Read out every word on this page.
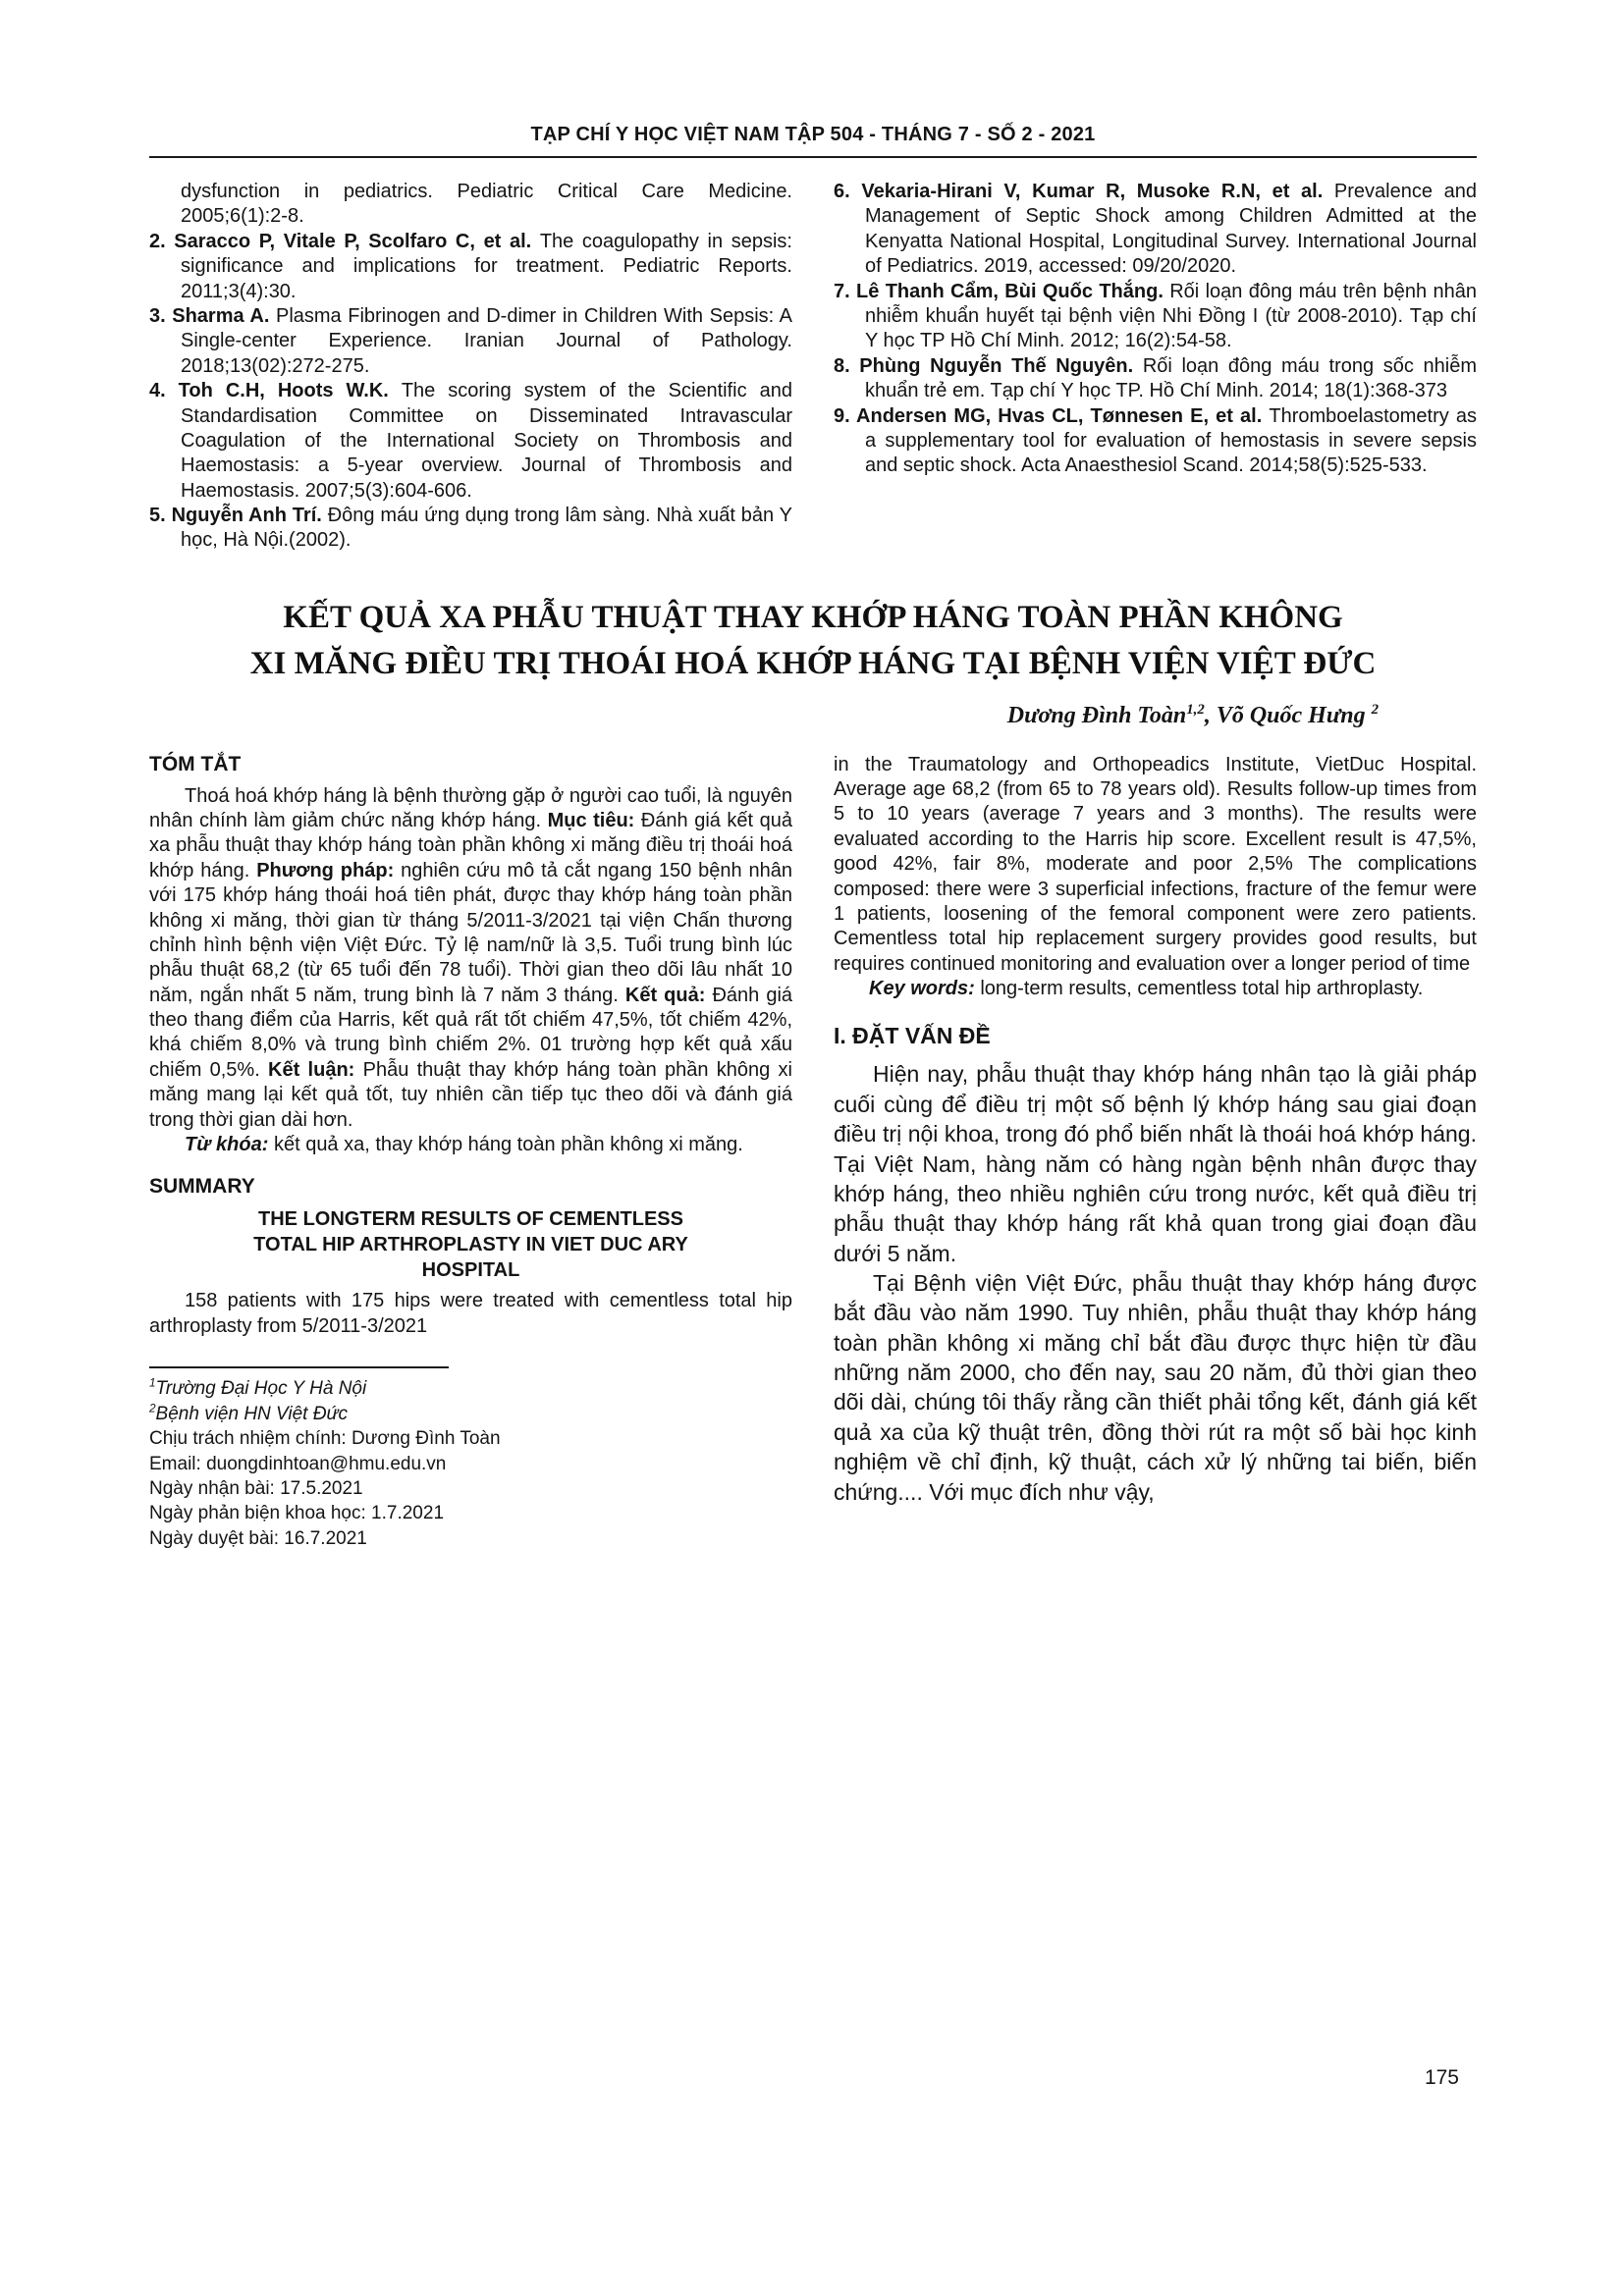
TẠP CHÍ Y HỌC VIỆT NAM TẬP 504 - THÁNG 7 - SỐ 2 - 2021

dysfunction in pediatrics. Pediatric Critical Care Medicine. 2005;6(1):2-8.

2. Saracco P, Vitale P, Scolfaro C, et al. The coagulopathy in sepsis: significance and implications for treatment. Pediatric Reports. 2011;3(4):30.

3. Sharma A. Plasma Fibrinogen and D-dimer in Children With Sepsis: A Single-center Experience. Iranian Journal of Pathology. 2018;13(02):272-275.

4. Toh C.H, Hoots W.K. The scoring system of the Scientific and Standardisation Committee on Disseminated Intravascular Coagulation of the International Society on Thrombosis and Haemostasis: a 5-year overview. Journal of Thrombosis and Haemostasis. 2007;5(3):604-606.

5. Nguyễn Anh Trí. Đông máu ứng dụng trong lâm sàng. Nhà xuất bản Y học, Hà Nội.(2002).

6. Vekaria-Hirani V, Kumar R, Musoke R.N, et al. Prevalence and Management of Septic Shock among Children Admitted at the Kenyatta National Hospital, Longitudinal Survey. International Journal of Pediatrics. 2019, accessed: 09/20/2020.

7. Lê Thanh Cẩm, Bùi Quốc Thắng. Rối loạn đông máu trên bệnh nhân nhiễm khuẩn huyết tại bệnh viện Nhi Đồng I (từ 2008-2010). Tạp chí Y học TP Hồ Chí Minh. 2012; 16(2):54-58.

8. Phùng Nguyễn Thế Nguyên. Rối loạn đông máu trong sốc nhiễm khuẩn trẻ em. Tạp chí Y học TP. Hồ Chí Minh. 2014; 18(1):368-373

9. Andersen MG, Hvas CL, Tønnesen E, et al. Thromboelastometry as a supplementary tool for evaluation of hemostasis in severe sepsis and septic shock. Acta Anaesthesiol Scand. 2014;58(5):525-533.

KẾT QUẢ XA PHẪU THUẬT THAY KHỚP HÁNG TOÀN PHẦN KHÔNG
XI MĂNG ĐIỀU TRỊ THOÁI HOÁ KHỚP HÁNG TẠI BỆNH VIỆN VIỆT ĐỨC
Dương Đình Toàn$^{1,2}$, Võ Quốc Hưng $^2$
TÓM TẮT

Thoá hoá khớp háng là bệnh thường gặp ở người cao tuổi, là nguyên nhân chính làm giảm chức năng khớp háng. Mục tiêu: Đánh giá kết quả xa phẫu thuật thay khớp háng toàn phần không xi măng điều trị thoái hoá khớp háng. Phương pháp: nghiên cứu mô tả cắt ngang 150 bệnh nhân với 175 khớp háng thoái hoá tiên phát, được thay khớp háng toàn phần không xi măng, thời gian từ tháng 5/2011-3/2021 tại viện Chấn thương chỉnh hình bệnh viện Việt Đức. Tỷ lệ nam/nữ là 3,5. Tuổi trung bình lúc phẫu thuật 68,2 (từ 65 tuổi đến 78 tuổi). Thời gian theo dõi lâu nhất 10 năm, ngắn nhất 5 năm, trung bình là 7 năm 3 tháng. Kết quả: Đánh giá theo thang điểm của Harris, kết quả rất tốt chiếm 47,5%, tốt chiếm 42%, khá chiếm 8,0% và trung bình chiếm 2%. 01 trường hợp kết quả xấu chiếm 0,5%. Kết luận: Phẫu thuật thay khớp háng toàn phần không xi măng mang lại kết quả tốt, tuy nhiên cần tiếp tục theo dõi và đánh giá trong thời gian dài hơn.

Từ khóa: kết quả xa, thay khớp háng toàn phần không xi măng.

SUMMARY
THE LONGTERM RESULTS OF CEMENTLESS TOTAL HIP ARTHROPLASTY IN VIET DUC ARY HOSPITAL

158 patients with 175 hips were treated with cementless total hip arthroplasty from 5/2011-3/2021

$^1$Trường Đại Học Y Hà Nội
$^2$Bệnh viện HN Việt Đức
Chịu trách nhiệm chính: Dương Đình Toàn
Email: duongdinhtoan@hmu.edu.vn
Ngày nhận bài: 17.5.2021
Ngày phản biện khoa học: 1.7.2021
Ngày duyệt bài: 16.7.2021

in the Traumatology and Orthopeadics Institute, VietDuc Hospital. Average age 68,2 (from 65 to 78 years old). Results follow-up times from 5 to 10 years (average 7 years and 3 months). The results were evaluated according to the Harris hip score. Excellent result is 47,5%, good 42%, fair 8%, moderate and poor 2,5% The complications composed: there were 3 superficial infections, fracture of the femur were 1 patients, loosening of the femoral component were zero patients. Cementless total hip replacement surgery provides good results, but requires continued monitoring and evaluation over a longer period of time

Key words: long-term results, cementless total hip arthroplasty.

I. ĐẶT VẤN ĐỀ

Hiện nay, phẫu thuật thay khớp háng nhân tạo là giải pháp cuối cùng để điều trị một số bệnh lý khớp háng sau giai đoạn điều trị nội khoa, trong đó phổ biến nhất là thoái hoá khớp háng. Tại Việt Nam, hàng năm có hàng ngàn bệnh nhân được thay khớp háng, theo nhiều nghiên cứu trong nước, kết quả điều trị phẫu thuật thay khớp háng rất khả quan trong giai đoạn đầu dưới 5 năm.

Tại Bệnh viện Việt Đức, phẫu thuật thay khớp háng được bắt đầu vào năm 1990. Tuy nhiên, phẫu thuật thay khớp háng toàn phần không xi măng chỉ bắt đầu được thực hiện từ đầu những năm 2000, cho đến nay, sau 20 năm, đủ thời gian theo dõi dài, chúng tôi thấy rằng cần thiết phải tổng kết, đánh giá kết quả xa của kỹ thuật trên, đồng thời rút ra một số bài học kinh nghiệm về chỉ định, kỹ thuật, cách xử lý những tai biến, biến chứng.... Với mục đích như vậy,

175
